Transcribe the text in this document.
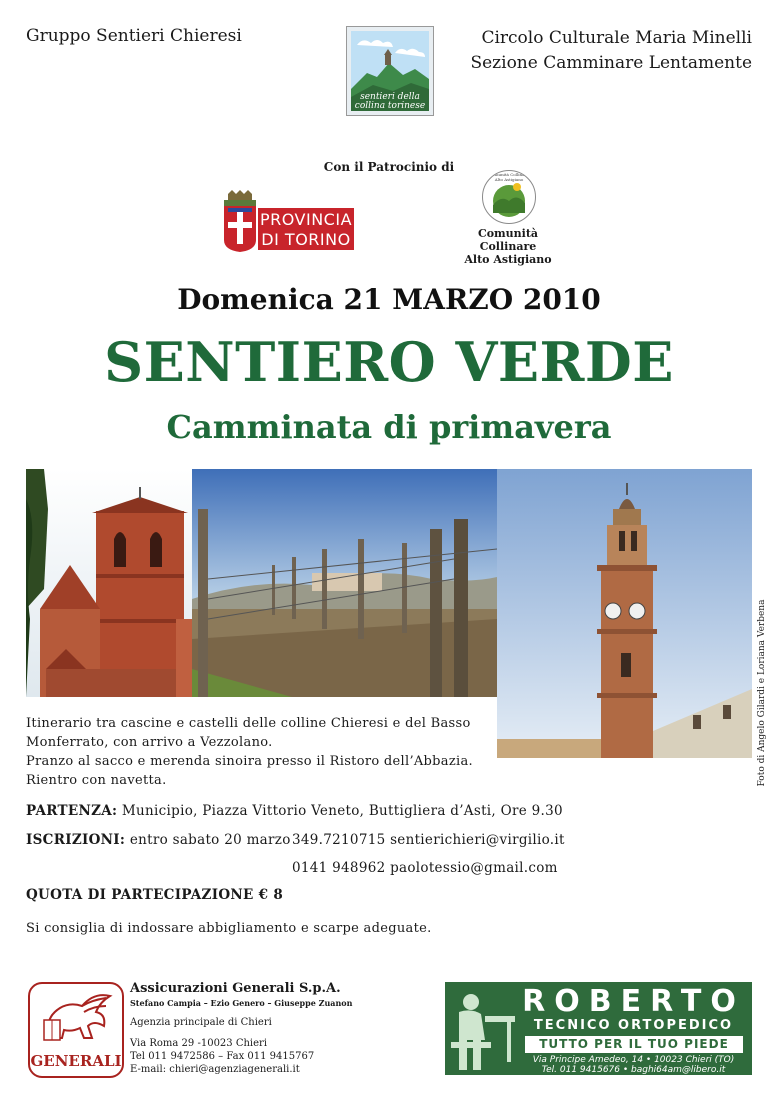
Gruppo Sentieri Chieresi
sentieri della collina torinese
Circolo Culturale Maria Minelli
Sezione Camminare Lentamente
Con il Patrocinio di
PROVINCIA
DI TORINO
Comunità Collinare Alto Astigiano
Comunità Collinare
Alto Astigiano
Domenica 21 MARZO 2010
SENTIERO VERDE
Camminata di primavera
Foto di Angelo Gilardi e Loriana Verbena

Itinerario tra cascine e castelli delle colline Chieresi e del Basso

Monferrato, con arrivo a Vezzolano.

Pranzo al sacco e merenda sinoira presso il Ristoro dell’Abbazia.

Rientro con navetta.

PARTENZA: Municipio, Piazza Vittorio Veneto, Buttigliera d’Asti, Ore 9.30
ISCRIZIONI: entro sabato 20 marzo 349.7210715 sentierichieri@virgilio.it
0141 948962 paolotessio@gmail.com
QUOTA DI PARTECIPAZIONE € 8
Si consiglia di indossare abbigliamento e scarpe adeguate.
GENERALI
Assicurazioni Generali S.p.A.
Stefano Campia – Ezio Genero – Giuseppe Zuanon
Agenzia principale di Chieri
Via Roma 29 -10023 Chieri
Tel 011 9472586 – Fax 011 9415767
E-mail: chieri@agenziagenerali.it
ROBERTO
TECNICO ORTOPEDICO
TUTTO PER IL TUO PIEDE
Via Principe Amedeo, 14 • 10023 Chieri (TO)
Tel. 011 9415676 • baghi64am@libero.it
